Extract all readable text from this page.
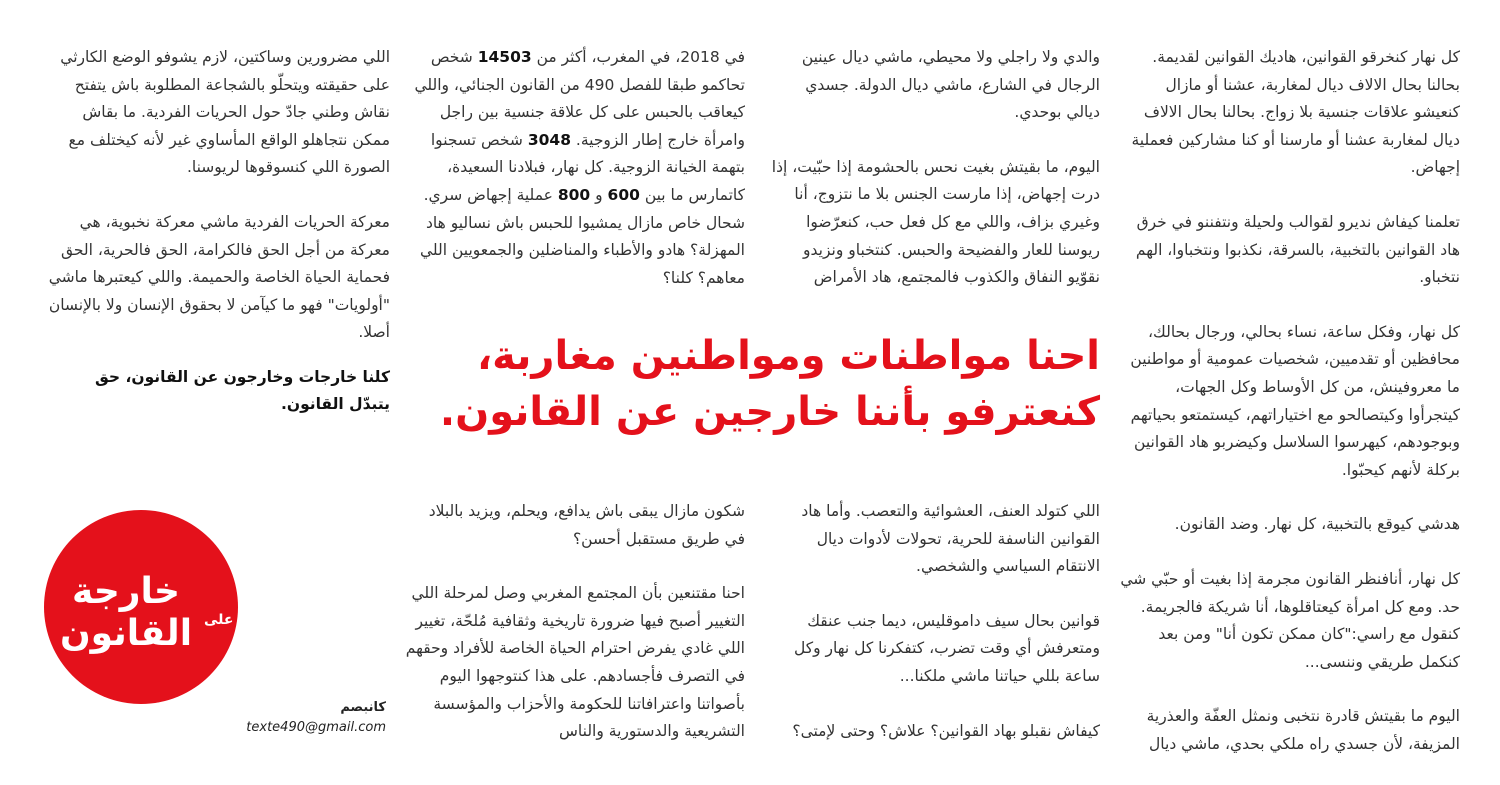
كل نهار كنخرقو القوانين، هاديك القوانين لقديمة. بحالنا بحال الالاف ديال لمغاربة، عشنا أو مازال كنعيشو علاقات جنسية بلا زواج. بحالنا بحال الالاف ديال لمغاربة عشنا أو مارسنا أو كنا مشاركين فعملية إجهاض.

تعلمنا كيفاش نديرو لقوالب ولحيلة ونتفننو في خرق هاد القوانين بالتخبية، بالسرقة، نكذبوا ونتخباوا، الهم نتخباو.

كل نهار، وفكل ساعة، نساء بحالي، ورجال بحالك، محافظين أو تقدميين، شخصيات عمومية أو مواطنين ما معروفينش، من كل الأوساط وكل الجهات، كيتجرأوا وكيتصالحو مع اختياراتهم، كيستمتعو بحياتهم وبوجودهم، كيهرسوا السلاسل وكيضربو هاد القوانين بركلة لأنهم كيحبّوا.

هدشي كيوقع بالتخبية، كل نهار. وضد القانون.

كل نهار، أنافنظر القانون مجرمة إذا بغيت أو حبّي شي حد. ومع كل امرأة كيعتاقلوها، أنا شريكة فالجريمة. كنقول مع راسي:"كان ممكن تكون أنا" ومن بعد كنكمل طريقي وننسى...

اليوم ما بقيتش قادرة نتخبى ونمثل العفّة والعذرية المزيفة، لأن جسدي راه ملكي بحدي، ماشي ديال

والدي ولا راجلي ولا محيطي، ماشي ديال عينين الرجال في الشارع، ماشي ديال الدولة. جسدي ديالي بوحدي.

اليوم، ما بقيتش بغيت نحس بالحشومة إذا حبّيت، إذا درت إجهاض، إذا مارست الجنس بلا ما نتزوج، أنا وغيري بزاف، واللي مع كل فعل حب، كنعرّضوا ريوسنا للعار والفضيحة والحبس. كنتخباو ونزيدو نقوّيو النفاق والكذوب فالمجتمع، هاد الأمراض

في 2018، في المغرب، أكثر من 14503 شخص تحاكمو طبقا للفصل 490 من القانون الجنائي، واللي كيعاقب بالحبس على كل علاقة جنسية بين راجل وامرأة خارج إطار الزوجية. 3048 شخص تسجنوا بتهمة الخيانة الزوجية. كل نهار، فبلادنا السعيدة، كاتمارس ما بين 600 و 800 عملية إجهاض سري. شحال خاص مازال يمشيوا للحبس باش نساليو هاد المهزلة؟ هادو والأطباء والمناضلين والجمعويين اللي معاهم؟ كلنا؟

اللي مضرورين وساكتين، لازم يشوفو الوضع الكارثي على حقيقته ويتحلّو بالشجاعة المطلوبة باش يتفتح نقاش وطني جادّ حول الحريات الفردية. ما بقاش ممكن نتجاهلو الواقع المأساوي غير لأنه كيختلف مع الصورة اللي كنسوقوها لريوسنا.

معركة الحريات الفردية ماشي معركة نخبوية، هي معركة من أجل الحق فالكرامة، الحق فالحرية، الحق فحماية الحياة الخاصة والحميمة. واللي كيعتبرها ماشي "أولويات" فهو ما كيآمن لا بحقوق الإنسان ولا بالإنسان أصلا.

احنا مواطنات ومواطنين مغاربة،
كنعترفو بأننا خارجين عن القانون.
كلنا خارجات وخارجون عن القانون، حق
يتبدّل القانون.

اللي كتولد العنف، العشوائية والتعصب. وأما هاد القوانين الناسفة للحرية، تحولات لأدوات ديال الانتقام السياسي والشخصي.

قوانين بحال سيف داموقليس، ديما جنب عنقك ومتعرفش أي وقت تضرب، كتفكرنا كل نهار وكل ساعة بللي حياتنا ماشي ملكنا...

كيفاش نقبلو بهاد القوانين؟ علاش؟ وحتى لإمتى؟

شكون مازال يبقى باش يدافع، ويحلم، ويزيد بالبلاد في طريق مستقبل أحسن؟

احنا مقتنعين بأن المجتمع المغربي وصل لمرحلة اللي التغيير أصبح فيها ضرورة تاريخية وثقافية مُلحّة، تغيير اللي غادي يفرض احترام الحياة الخاصة للأفراد وحقهم في التصرف فأجسادهم. على هذا كنتوجهوا اليوم بأصواتنا واعترافاتنا للحكومة والأحزاب والمؤسسة التشريعية والدستورية والناس

خارجة
على
القانون
كانبصم
texte490@gmail.com
